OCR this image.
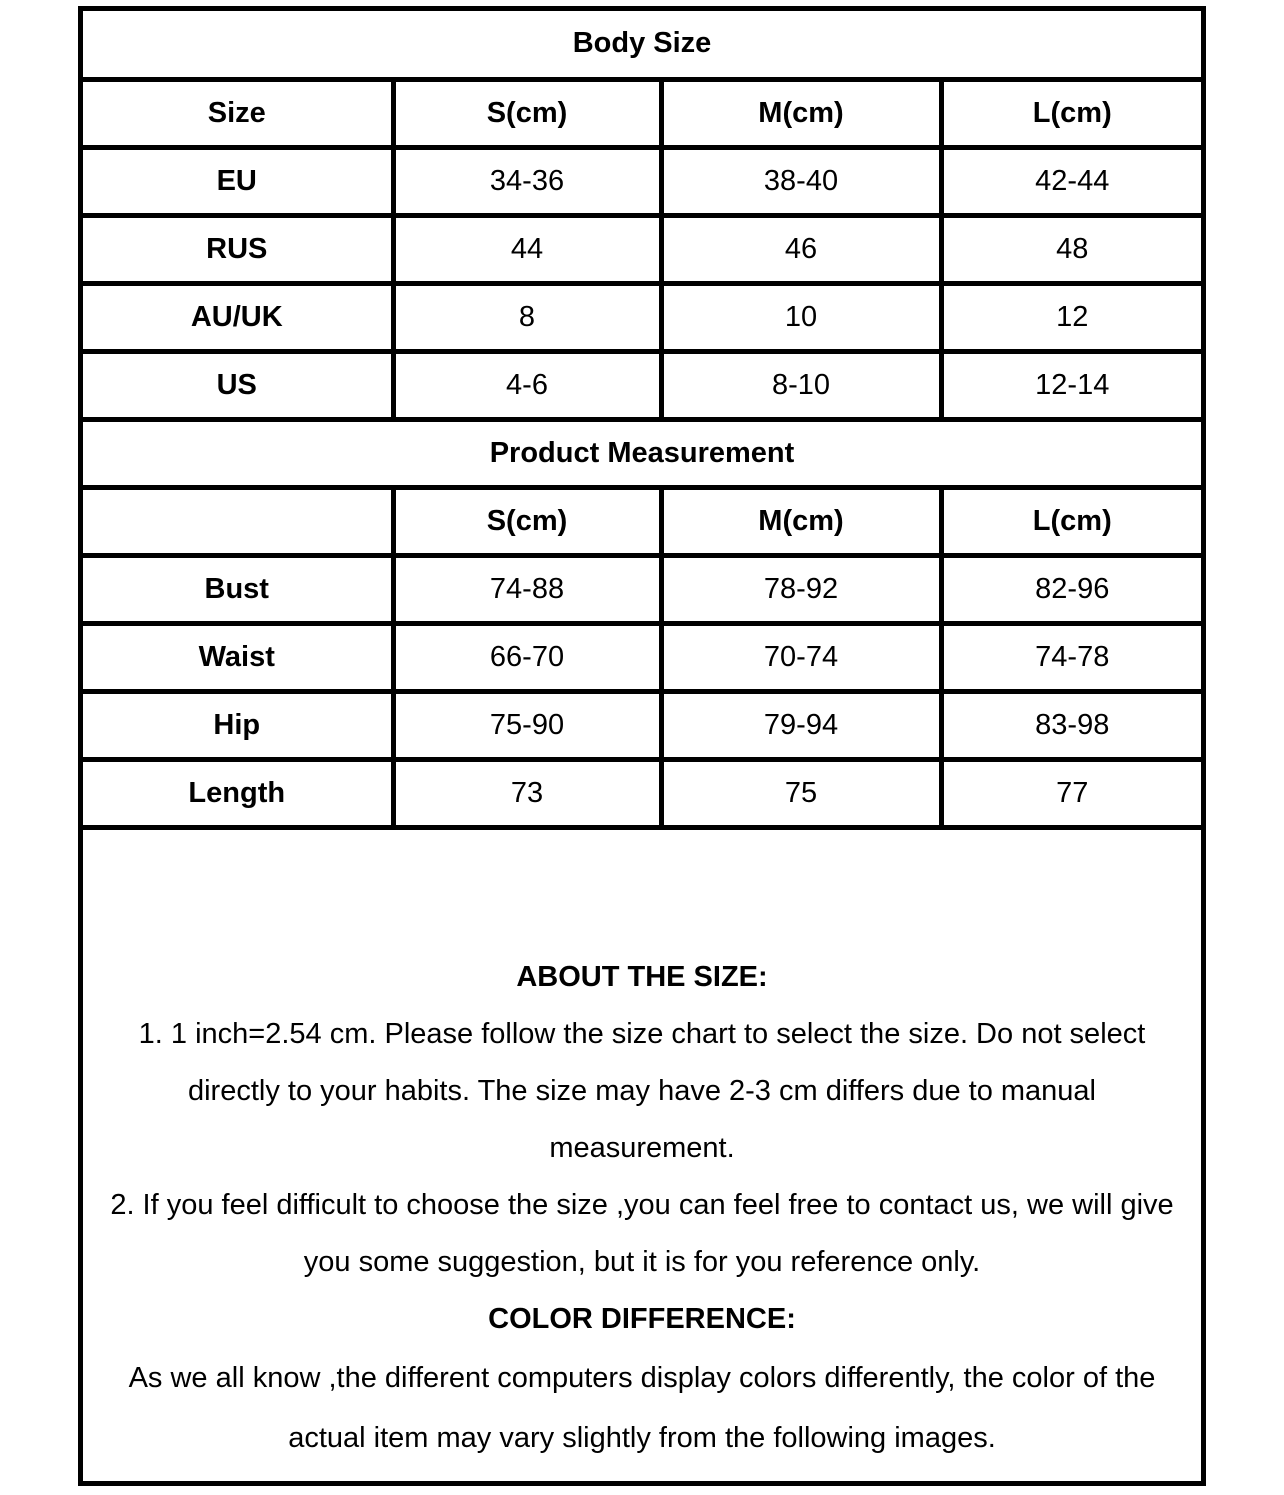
Body Size			
Size	S(cm)	M(cm)	L(cm)
EU	34-36	38-40	42-44
RUS	44	46	48
AU/UK	8	10	12
US	4-6	8-10	12-14
Product Measurement			
	S(cm)	M(cm)	L(cm)
Bust	74-88	78-92	82-96
Waist	66-70	70-74	74-78
Hip	75-90	79-94	83-98
Length	73	75	77
ABOUT THE SIZE:
1. 1 inch=2.54 cm. Please follow the size chart to select the size. Do not select directly to your habits. The size may have 2-3 cm differs due to manual measurement.
2. If you feel difficult to choose the size ,you can feel free to contact us, we will give you some suggestion, but it is for you reference only.
COLOR DIFFERENCE:
As we all know ,the different computers display colors differently, the color of the actual item may vary slightly from the following images.
